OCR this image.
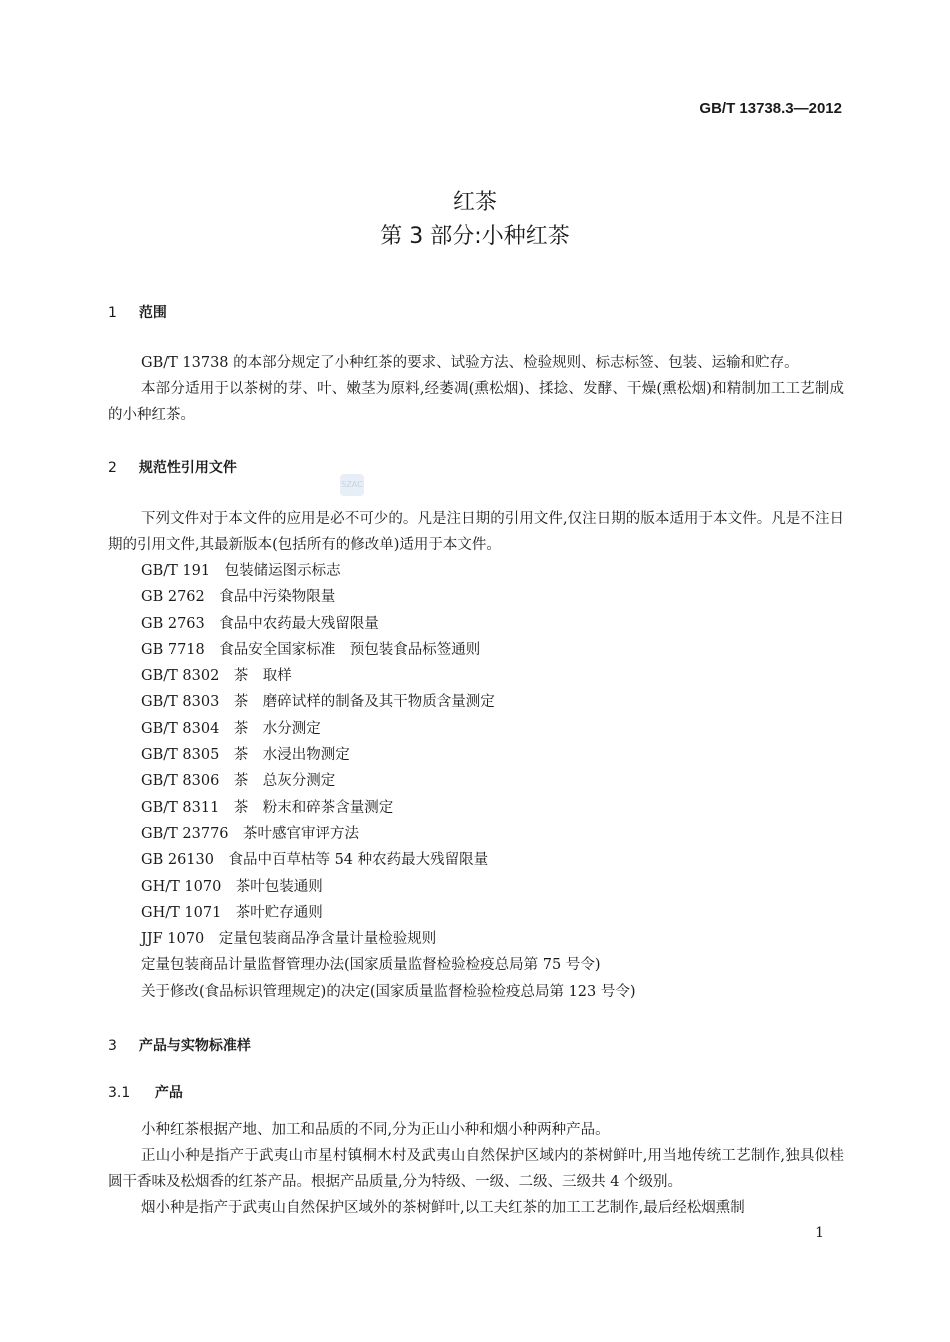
GB/T 13738.3—2012
红茶
第 3 部分:小种红茶
1 范围
GB/T 13738 的本部分规定了小种红茶的要求、试验方法、检验规则、标志标签、包装、运输和贮存。
本部分适用于以茶树的芽、叶、嫩茎为原料,经萎凋(熏松烟)、揉捻、发酵、干燥(熏松烟)和精制加工工艺制成的小种红茶。
2 规范性引用文件
SZAC
下列文件对于本文件的应用是必不可少的。凡是注日期的引用文件,仅注日期的版本适用于本文件。凡是不注日期的引用文件,其最新版本(包括所有的修改单)适用于本文件。
GB/T 191　包装储运图示标志
GB 2762　食品中污染物限量
GB 2763　食品中农药最大残留限量
GB 7718　食品安全国家标准　预包装食品标签通则
GB/T 8302　茶　取样
GB/T 8303　茶　磨碎试样的制备及其干物质含量测定
GB/T 8304　茶　水分测定
GB/T 8305　茶　水浸出物测定
GB/T 8306　茶　总灰分测定
GB/T 8311　茶　粉末和碎茶含量测定
GB/T 23776　茶叶感官审评方法
GB 26130　食品中百草枯等 54 种农药最大残留限量
GH/T 1070　茶叶包装通则
GH/T 1071　茶叶贮存通则
JJF 1070　定量包装商品净含量计量检验规则
定量包装商品计量监督管理办法(国家质量监督检验检疫总局第 75 号令)
关于修改(食品标识管理规定)的决定(国家质量监督检验检疫总局第 123 号令)
3 产品与实物标准样
3.1 产品
小种红茶根据产地、加工和品质的不同,分为正山小种和烟小种两种产品。
正山小种是指产于武夷山市星村镇桐木村及武夷山自然保护区域内的茶树鲜叶,用当地传统工艺制作,独具似桂圆干香味及松烟香的红茶产品。根据产品质量,分为特级、一级、二级、三级共 4 个级别。
烟小种是指产于武夷山自然保护区域外的茶树鲜叶,以工夫红茶的加工工艺制作,最后经松烟熏制
1
